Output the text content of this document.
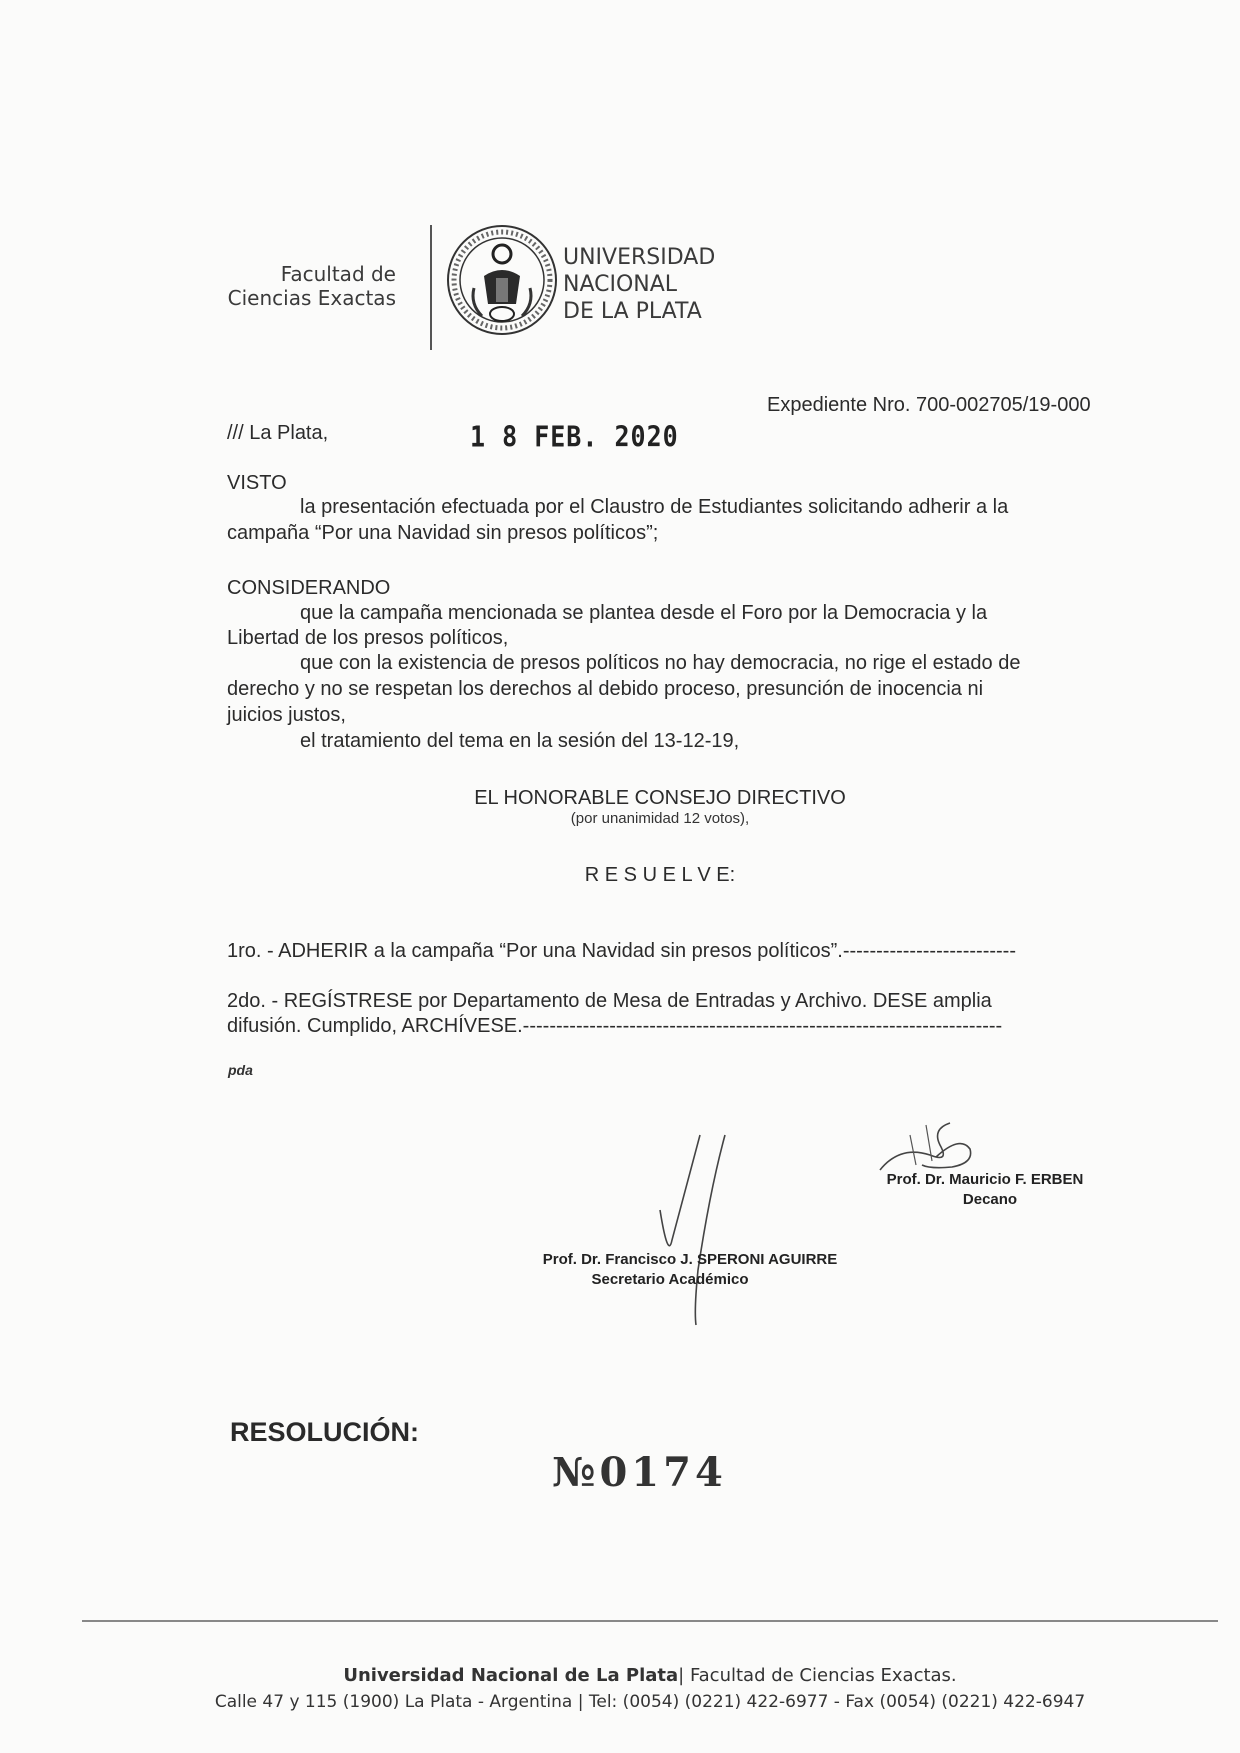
Facultad de
Ciencias Exactas
UNIVERSIDAD
NACIONAL
DE LA PLATA
Expediente Nro. 700-002705/19-000
/// La Plata,	1 8 FEB. 2020
VISTO
la presentación efectuada por el Claustro de Estudiantes solicitando adherir a la
campaña “Por una Navidad sin presos políticos”;
CONSIDERANDO
que la campaña mencionada se plantea desde el Foro por la Democracia y la
Libertad de los presos políticos,
que con la existencia de presos políticos no hay democracia, no rige el estado de
derecho y no se respetan los derechos al debido proceso, presunción de inocencia ni
juicios justos,
el tratamiento del tema en la sesión del 13-12-19,
EL HONORABLE CONSEJO DIRECTIVO
(por unanimidad 12 votos),
R E S U E L V E:
1ro. - ADHERIR a la campaña “Por una Navidad sin presos políticos”.--------------------------
2do. - REGÍSTRESE por Departamento de Mesa de Entradas y Archivo. DESE amplia
difusión. Cumplido, ARCHÍVESE.------------------------------------------------------------------------
pda
Prof. Dr. Mauricio F. ERBEN
Decano
Prof. Dr. Francisco J. SPERONI AGUIRRE
Secretario Académico
RESOLUCIÓN:
№0174
Universidad Nacional de La Plata| Facultad de Ciencias Exactas.
Calle 47 y 115 (1900) La Plata - Argentina | Tel: (0054) (0221) 422-6977 - Fax (0054) (0221) 422-6947
